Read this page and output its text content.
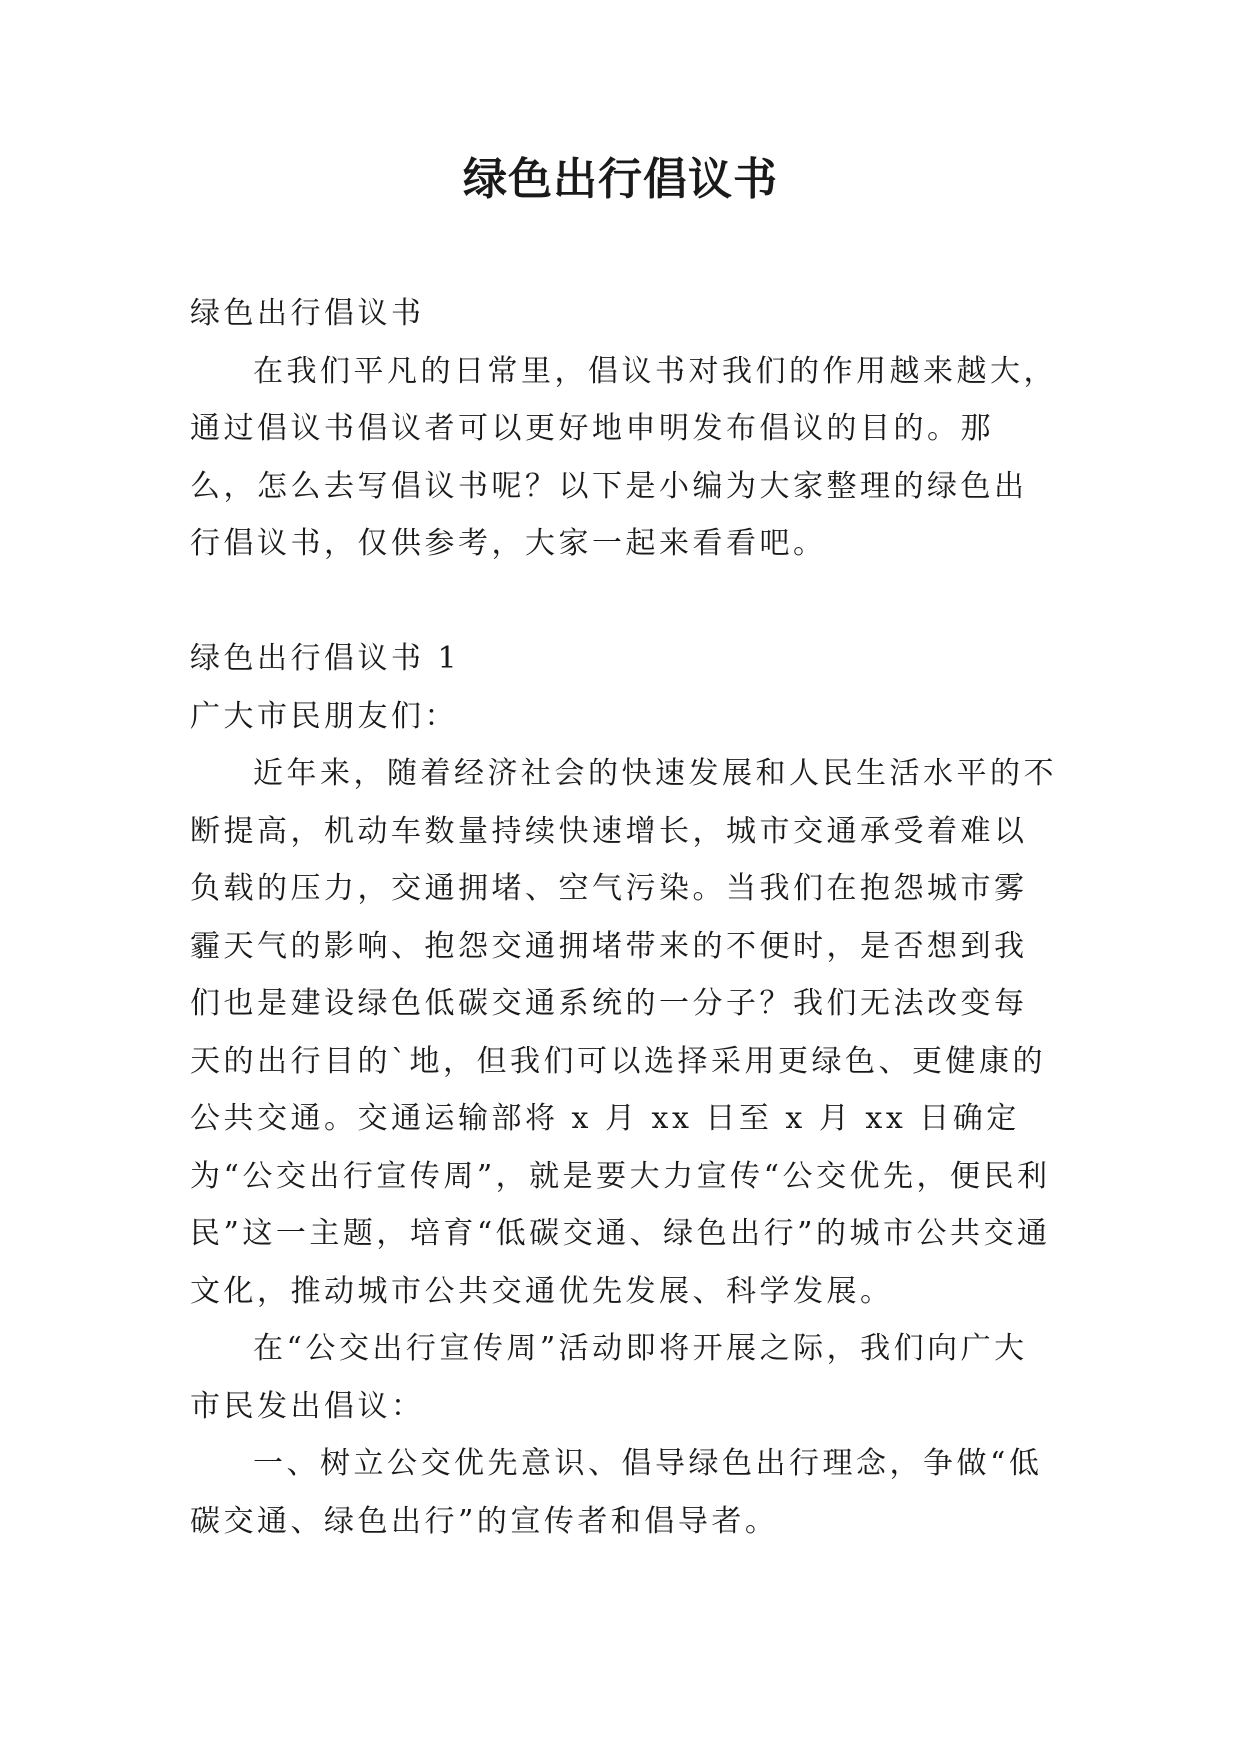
绿色出行倡议书

绿色出行倡议书

在我们平凡的日常里，倡议书对我们的作用越来越大，通过倡议书倡议者可以更好地申明发布倡议的目的。那么，怎么去写倡议书呢？以下是小编为大家整理的绿色出行倡议书，仅供参考，大家一起来看看吧。

绿色出行倡议书 1

广大市民朋友们：

近年来，随着经济社会的快速发展和人民生活水平的不断提高，机动车数量持续快速增长，城市交通承受着难以负载的压力，交通拥堵、空气污染。当我们在抱怨城市雾霾天气的影响、抱怨交通拥堵带来的不便时，是否想到我们也是建设绿色低碳交通系统的一分子？我们无法改变每天的出行目的`地，但我们可以选择采用更绿色、更健康的公共交通。交通运输部将 x 月 xx 日至 x 月 xx 日确定为“公交出行宣传周”，就是要大力宣传“公交优先，便民利民”这一主题，培育“低碳交通、绿色出行”的城市公共交通文化，推动城市公共交通优先发展、科学发展。

在“公交出行宣传周”活动即将开展之际，我们向广大市民发出倡议：

一、树立公交优先意识、倡导绿色出行理念，争做“低碳交通、绿色出行”的宣传者和倡导者。
